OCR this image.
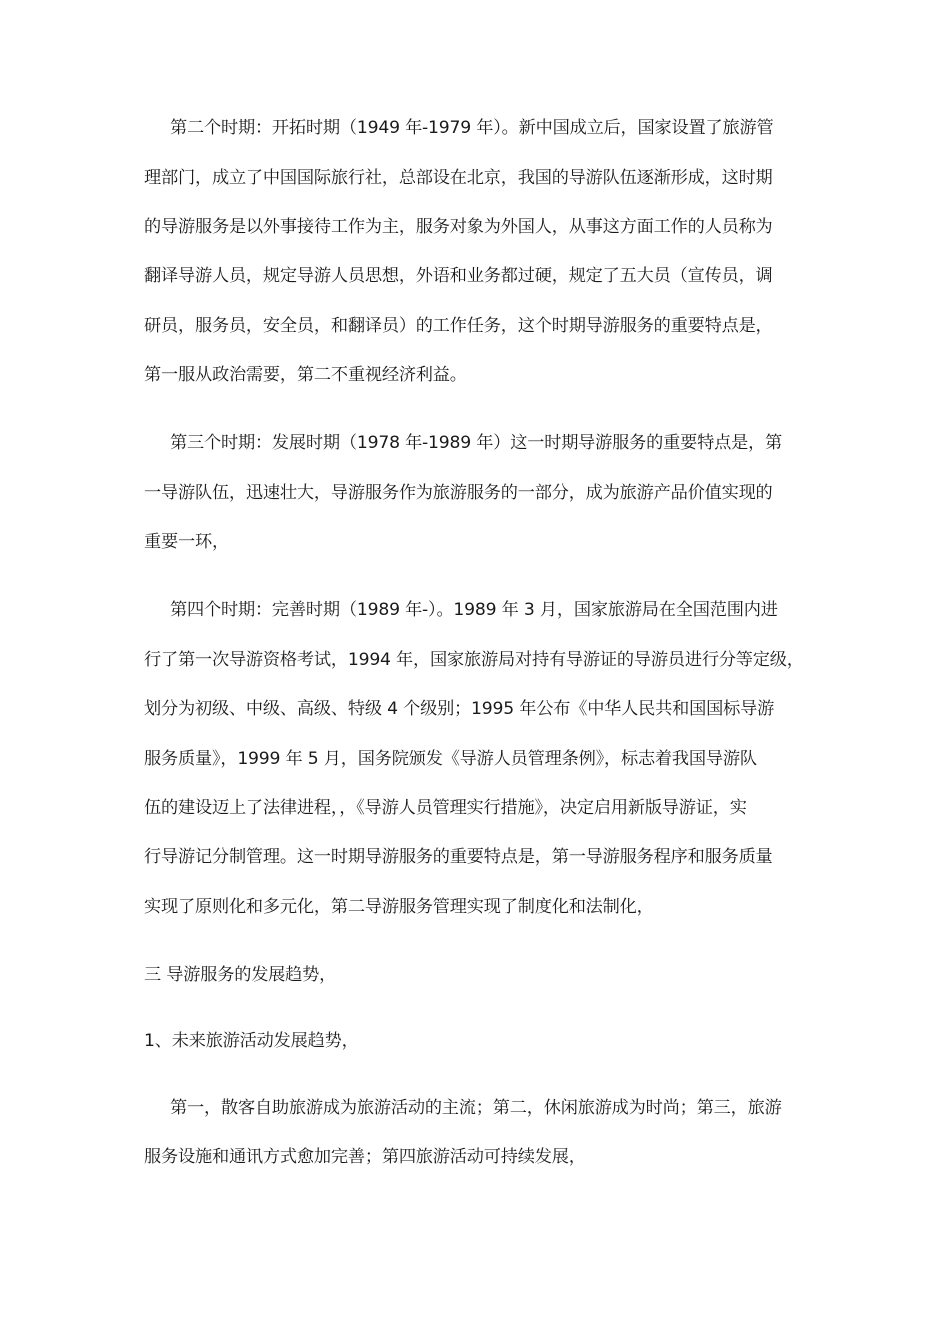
第二个时期：开拓时期（1949 年-1979 年）。新中国成立后，国家设置了旅游管
理部门，成立了中国国际旅行社，总部设在北京，我国的导游队伍逐渐形成，这时期
的导游服务是以外事接待工作为主，服务对象为外国人，从事这方面工作的人员称为
翻译导游人员，规定导游人员思想，外语和业务都过硬，规定了五大员（宣传员，调
研员，服务员，安全员，和翻译员）的工作任务，这个时期导游服务的重要特点是，
第一服从政治需要，第二不重视经济利益。
第三个时期：发展时期（1978 年-1989 年）这一时期导游服务的重要特点是，第
一导游队伍，迅速壮大，导游服务作为旅游服务的一部分，成为旅游产品价值实现的
重要一环，
第四个时期：完善时期（1989 年-）。1989 年 3 月，国家旅游局在全国范围内进
行了第一次导游资格考试，1994 年，国家旅游局对持有导游证的导游员进行分等定级，
划分为初级、中级、高级、特级 4 个级别；1995 年公布《中华人民共和国国标导游
服务质量》，1999 年 5 月，国务院颁发《导游人员管理条例》，标志着我国导游队
伍的建设迈上了法律进程，，《导游人员管理实行措施》，决定启用新版导游证，实
行导游记分制管理。这一时期导游服务的重要特点是，第一导游服务程序和服务质量
实现了原则化和多元化，第二导游服务管理实现了制度化和法制化，
三 导游服务的发展趋势，
1、未来旅游活动发展趋势，
第一，散客自助旅游成为旅游活动的主流；第二，休闲旅游成为时尚；第三，旅游
服务设施和通讯方式愈加完善；第四旅游活动可持续发展，
